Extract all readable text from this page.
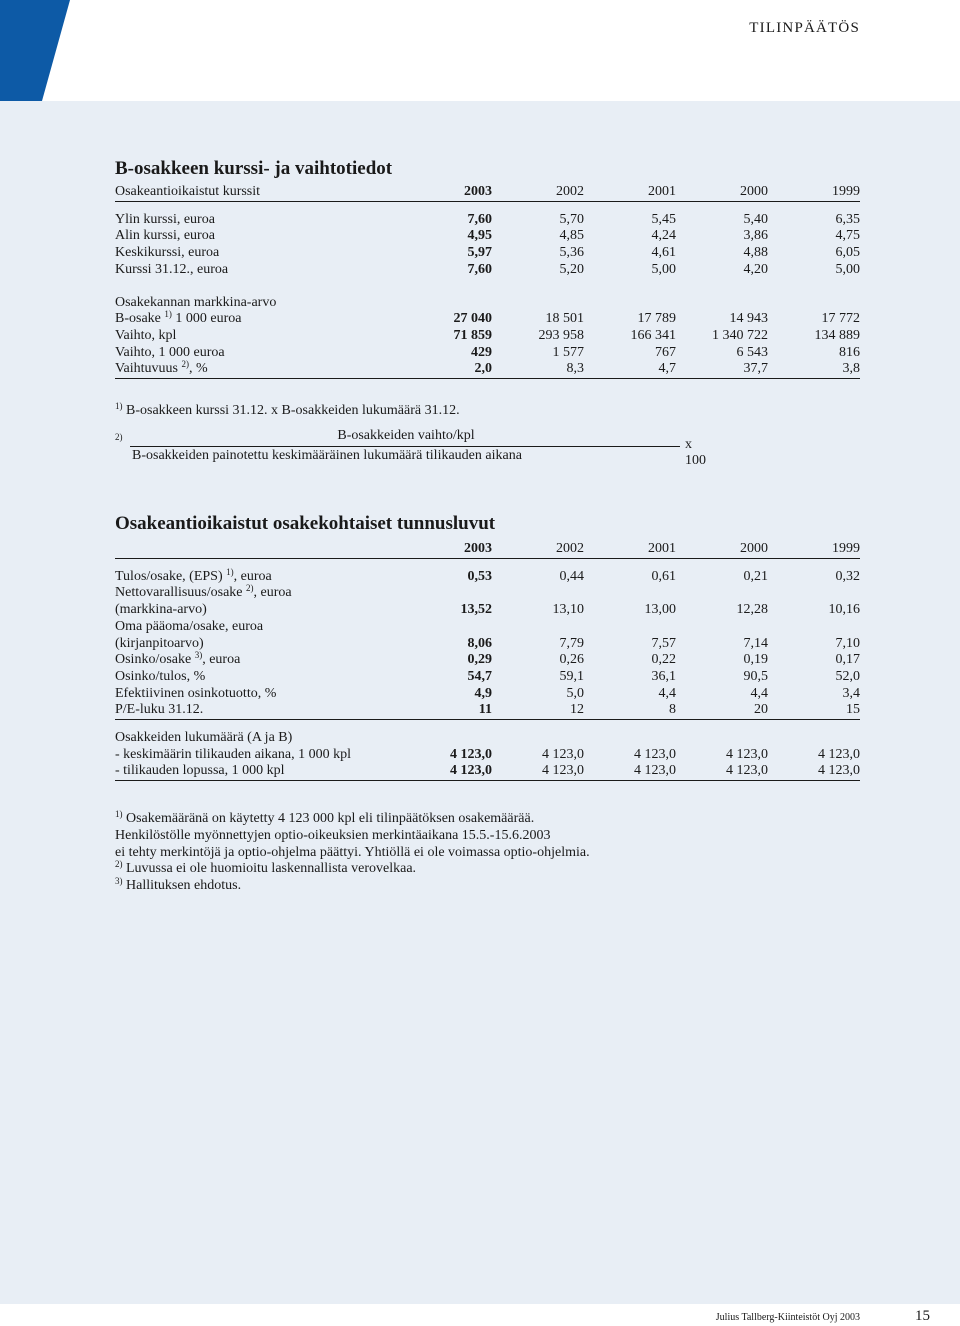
TILINPÄÄTÖS
B-osakkeen kurssi- ja vaihtotiedot
Osakeantioikaistut kurssit	2003	2002	2001	2000	1999

Ylin kurssi, euroa	7,60	5,70	5,45	5,40	6,35
Alin kurssi, euroa	4,95	4,85	4,24	3,86	4,75
Keskikurssi, euroa	5,97	5,36	4,61	4,88	6,05
Kurssi 31.12., euroa	7,60	5,20	5,00	4,20	5,00

Osakekannan markkina-arvo					
B-osake $^{1)}$ 1 000 euroa	27 040	18 501	17 789	14 943	17 772
Vaihto, kpl	71 859	293 958	166 341	1 340 722	134 889
Vaihto, 1 000 euroa	429	1 577	767	6 543	816
Vaihtuvuus $^{2)}$, %	2,0	8,3	4,7	37,7	3,8
$^{1)}$ B-osakkeen kurssi 31.12. x B-osakkeiden lukumäärä 31.12.
2)	B-osakkeiden vaihto/kpl
B-osakkeiden painotettu keskimääräinen lukumäärä tilikauden aikana
x 100
Osakeantioikaistut osakekohtaiset tunnusluvut
	2003	2002	2001	2000	1999

Tulos/osake, (EPS) $^{1)}$, euroa	0,53	0,44	0,61	0,21	0,32
Nettovarallisuus/osake $^{2)}$, euroa					
(markkina-arvo)	13,52	13,10	13,00	12,28	10,16
Oma pääoma/osake, euroa					
(kirjanpitoarvo)	8,06	7,79	7,57	7,14	7,10
Osinko/osake $^{3)}$, euroa	0,29	0,26	0,22	0,19	0,17
Osinko/tulos, %	54,7	59,1	36,1	90,5	52,0
Efektiivinen osinkotuotto, %	4,9	5,0	4,4	4,4	3,4
P/E-luku 31.12.	11	12	8	20	15

Osakkeiden lukumäärä (A ja B)					
- keskimäärin tilikauden aikana, 1 000 kpl	4 123,0	4 123,0	4 123,0	4 123,0	4 123,0
- tilikauden lopussa, 1 000 kpl	4 123,0	4 123,0	4 123,0	4 123,0	4 123,0
$^{1)}$ Osakemääränä on käytetty 4 123 000 kpl eli tilinpäätöksen osakemäärää.
Henkilöstölle myönnettyjen optio-oikeuksien merkintäaikana 15.5.-15.6.2003
ei tehty merkintöjä ja optio-ohjelma päättyi. Yhtiöllä ei ole voimassa optio-ohjelmia.
$^{2)}$ Luvussa ei ole huomioitu laskennallista verovelkaa.
$^{3)}$ Hallituksen ehdotus.
Julius Tallberg-Kiinteistöt Oyj 2003	15
